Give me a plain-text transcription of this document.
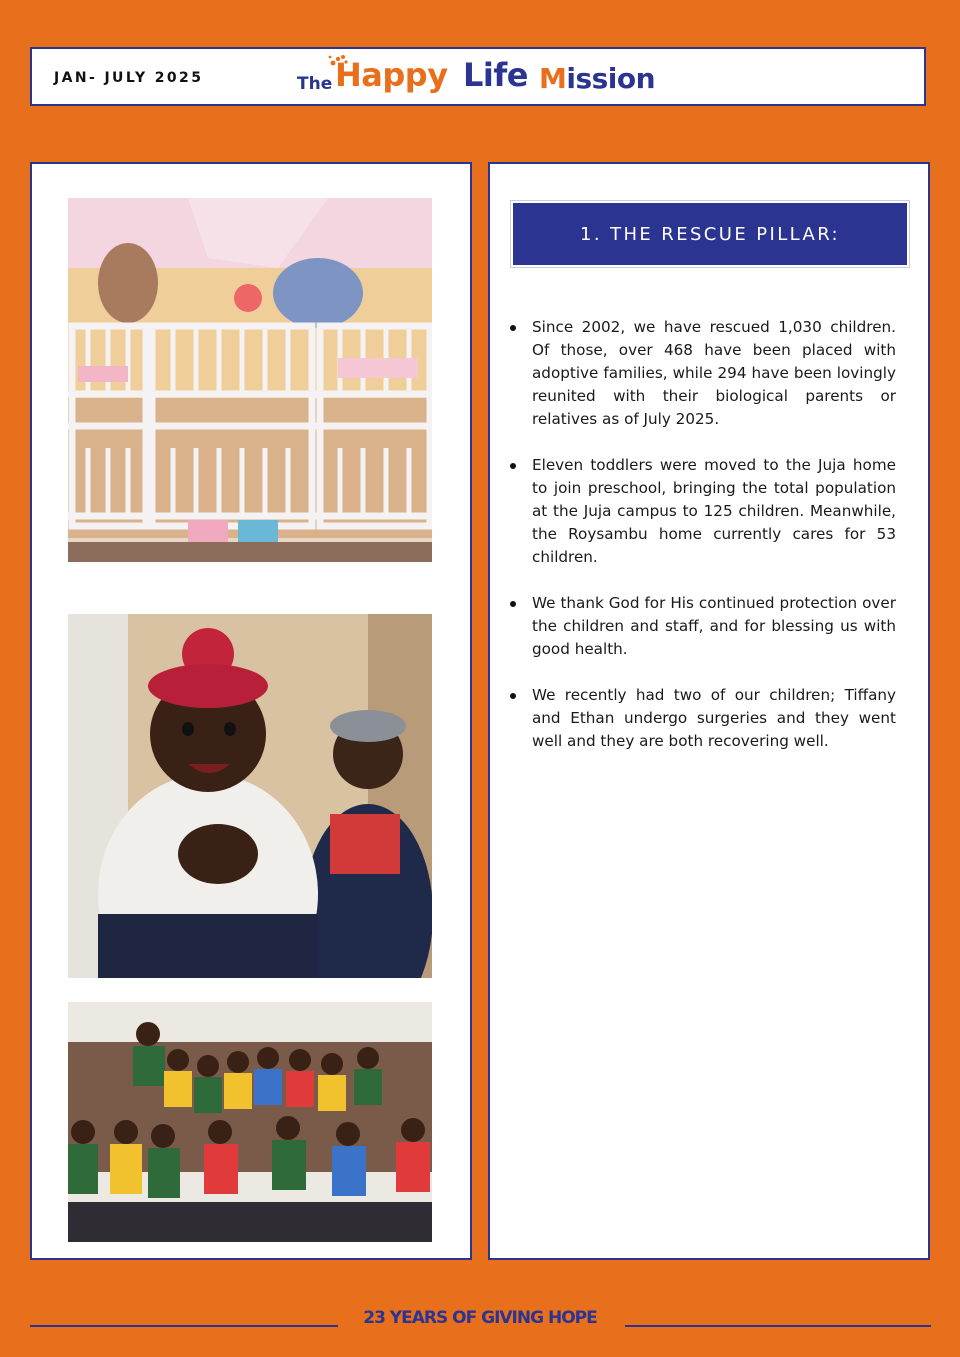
JAN- JULY 2025	The Happy Life Mission
1. THE RESCUE PILLAR:
Since 2002, we have rescued 1,030 children. Of those, over 468 have been placed with adoptive families, while 294 have been lovingly reunited with their biological parents or relatives as of July 2025.
Eleven toddlers were moved to the Juja home to join preschool, bringing the total population at the Juja campus to 125 children. Meanwhile, the Roysambu home currently cares for 53 children.
We thank God for His continued protection over the children and staff, and for blessing us with good health.
We recently had two of our children; Tiffany and Ethan undergo surgeries and they went well and they are both recovering well.
23 YEARS OF GIVING HOPE
